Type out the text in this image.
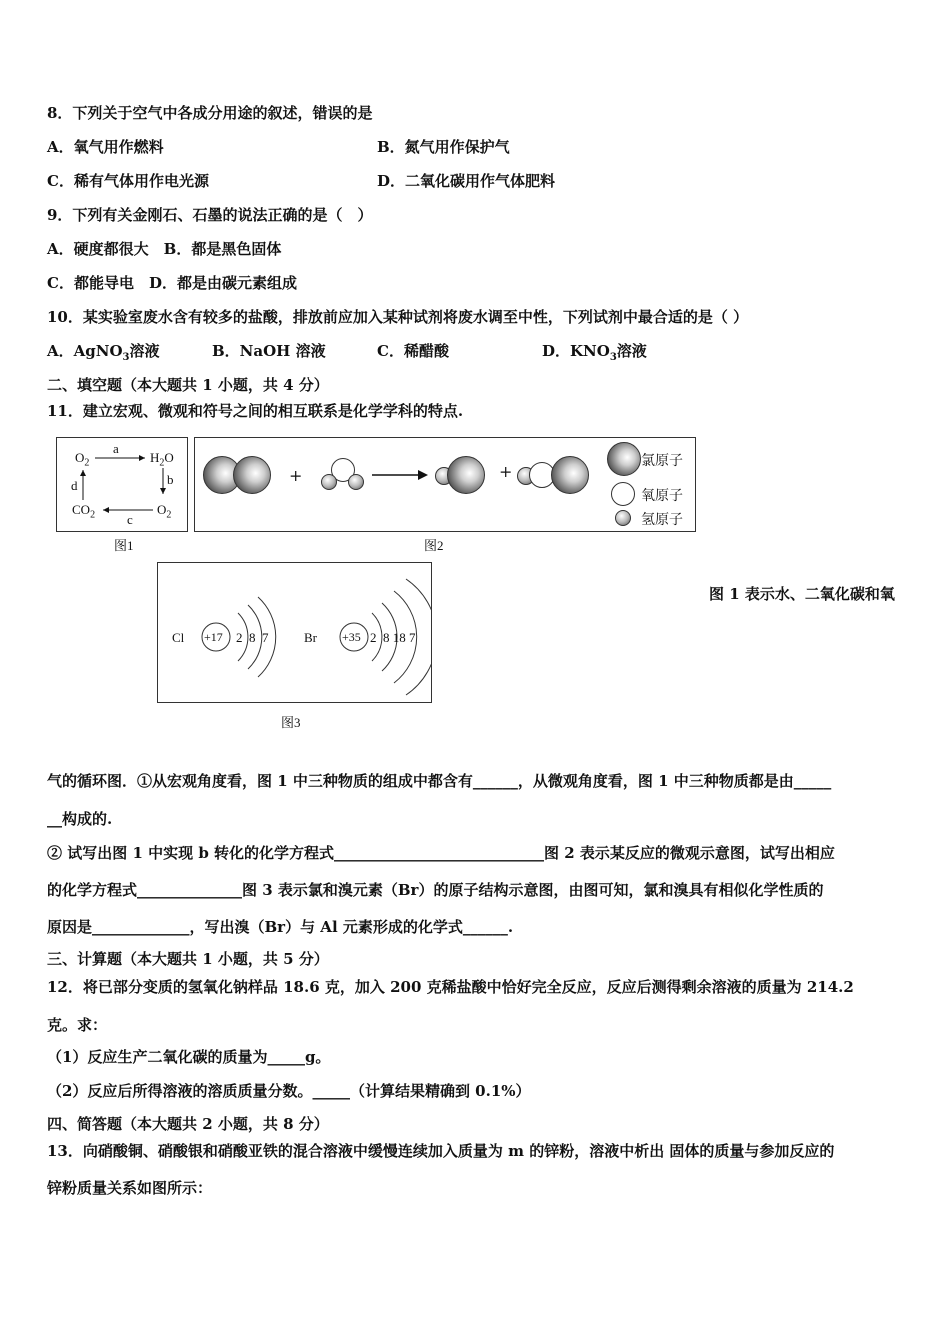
8．下列关于空气中各成分用途的叙述，错误的是
A．氧气用作燃料	B．氮气用作保护气
C．稀有气体用作电光源	D．二氧化碳用作气体肥料
9．下列有关金刚石、石墨的说法正确的是（　）
A．硬度都很大　B．都是黑色固体
C．都能导电　D．都是由碳元素组成
10．某实验室废水含有较多的盐酸，排放前应加入某种试剂将废水调至中性，下列试剂中最合适的是（ ）
A．AgNO$_3$溶液	B．NaOH 溶液	C．稀醋酸	D．$KNO_3$溶液
二、填空题（本大题共 1 小题，共 4 分）
11．建立宏观、微观和符号之间的相互联系是化学学科的特点.
$O_2$	$H_2O$
$CO_2$	$O_2$
a
b
c
d
图1
+	+
氯原子
氧原子
氢原子
图2
Cl +17 2  8  7	Br +35 2  8 18 7
图3
图 1 表示水、二氧化碳和氧
气的循环图．①从宏观角度看，图 1 中三种物质的组成中都含有______，从微观角度看，图 1 中三种物质都是由_____
__构成的.
② 试写出图 1 中实现 b 转化的化学方程式____________________________图 2 表示某反应的微观示意图，试写出相应
的化学方程式______________图 3 表示氯和溴元素（Br）的原子结构示意图，由图可知，氯和溴具有相似化学性质的
原因是_____________，写出溴（Br）与 Al 元素形成的化学式______.
三、计算题（本大题共 1 小题，共 5 分）
12．将已部分变质的氢氧化钠样品 18.6 克，加入 200 克稀盐酸中恰好完全反应，反应后测得剩余溶液的质量为 214.2
克。求：
（1）反应生产二氧化碳的质量为_____g。
（2）反应后所得溶液的溶质质量分数。_____（计算结果精确到 0.1%）
四、简答题（本大题共 2 小题，共 8 分）
13．向硝酸铜、硝酸银和硝酸亚铁的混合溶液中缓慢连续加入质量为 m 的锌粉，溶液中析出 固体的质量与参加反应的
锌粉质量关系如图所示：
